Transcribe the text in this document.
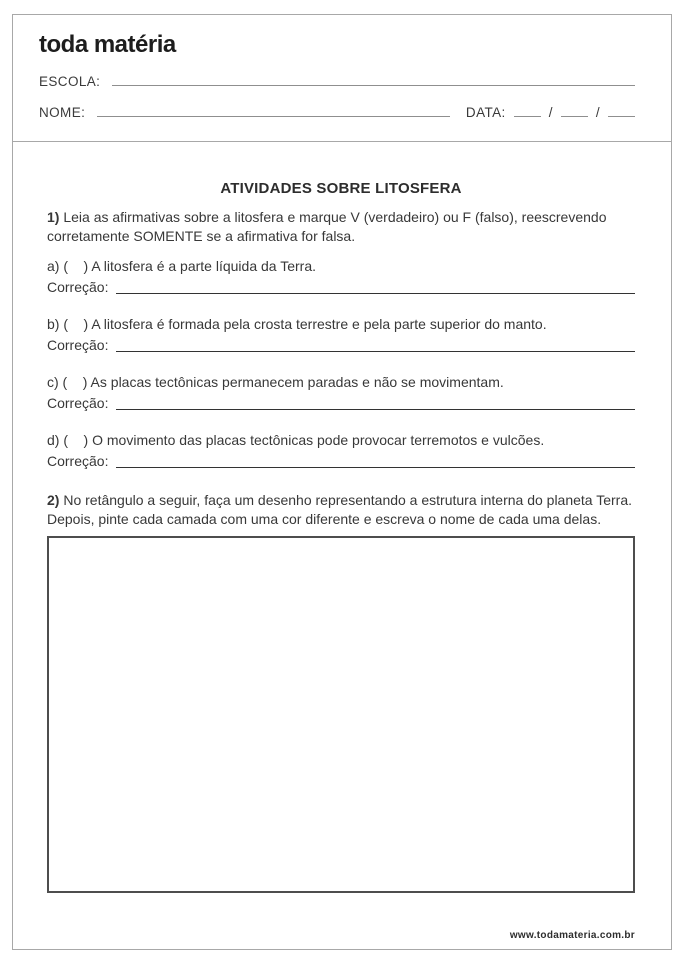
toda matéria
ESCOLA:
NOME:	DATA:	/	/
ATIVIDADES SOBRE LITOSFERA

1) Leia as afirmativas sobre a litosfera e marque V (verdadeiro) ou F (falso), reescrevendo corretamente SOMENTE se a afirmativa for falsa.

a) (    ) A litosfera é a parte líquida da Terra.
Correção:
b) (    ) A litosfera é formada pela crosta terrestre e pela parte superior do manto.
Correção:
c) (    ) As placas tectônicas permanecem paradas e não se movimentam.
Correção:
d) (    ) O movimento das placas tectônicas pode provocar terremotos e vulcões.
Correção:

2) No retângulo a seguir, faça um desenho representando a estrutura interna do planeta Terra. Depois, pinte cada camada com uma cor diferente e escreva o nome de cada uma delas.

www.todamateria.com.br
